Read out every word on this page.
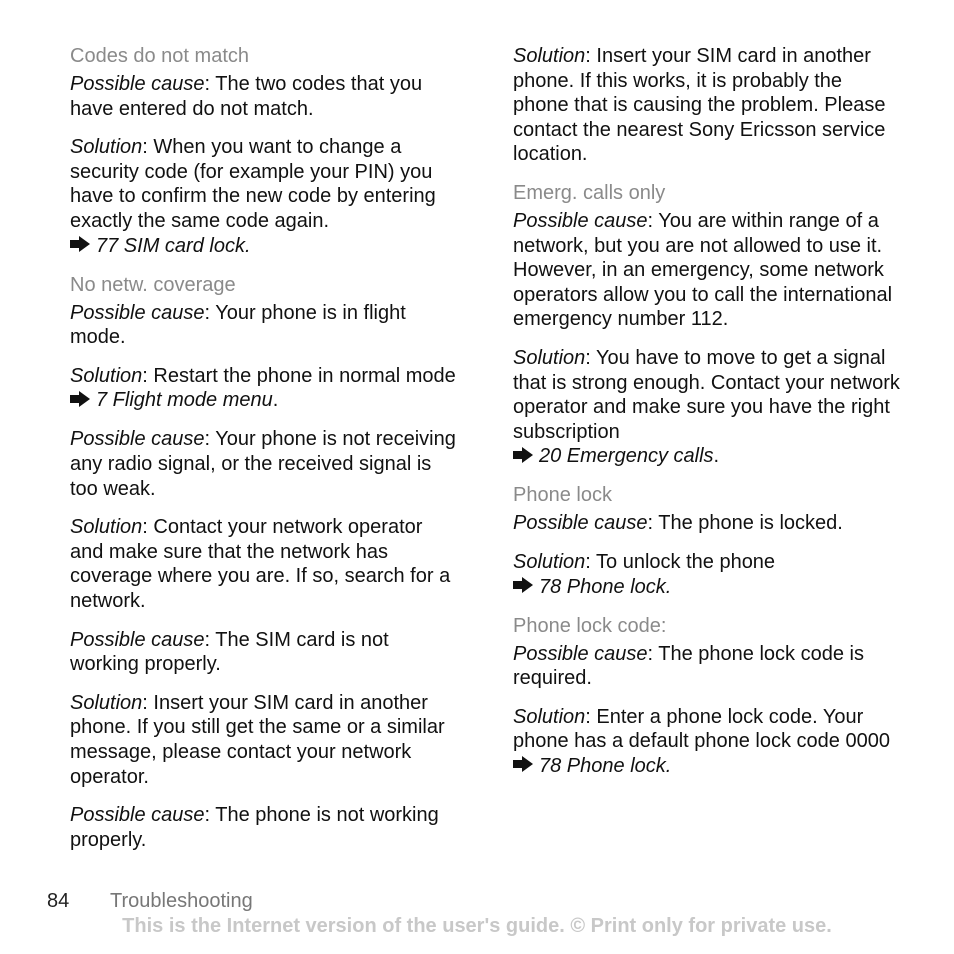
Codes do not match

Possible cause: The two codes that you have entered do not match.

Solution: When you want to change a security code (for example your PIN) you have to confirm the new code by entering exactly the same code again.
77 SIM card lock.

No netw. coverage

Possible cause: Your phone is in flight mode.

Solution: Restart the phone in normal mode 7 Flight mode menu.

Possible cause: Your phone is not receiving any radio signal, or the received signal is too weak.

Solution: Contact your network operator and make sure that the network has coverage where you are. If so, search for a network.

Possible cause: The SIM card is not working properly.

Solution: Insert your SIM card in another phone. If you still get the same or a similar message, please contact your network operator.

Possible cause: The phone is not working properly.

Solution: Insert your SIM card in another phone. If this works, it is probably the phone that is causing the problem. Please contact the nearest Sony Ericsson service location.

Emerg. calls only

Possible cause: You are within range of a network, but you are not allowed to use it. However, in an emergency, some network operators allow you to call the international emergency number 112.

Solution: You have to move to get a signal that is strong enough. Contact your network operator and make sure you have the right subscription
20 Emergency calls.

Phone lock

Possible cause: The phone is locked.

Solution: To unlock the phone
78 Phone lock.

Phone lock code:

Possible cause: The phone lock code is required.

Solution: Enter a phone lock code. Your phone has a default phone lock code 0000 78 Phone lock.

84 Troubleshooting
This is the Internet version of the user's guide. © Print only for private use.
